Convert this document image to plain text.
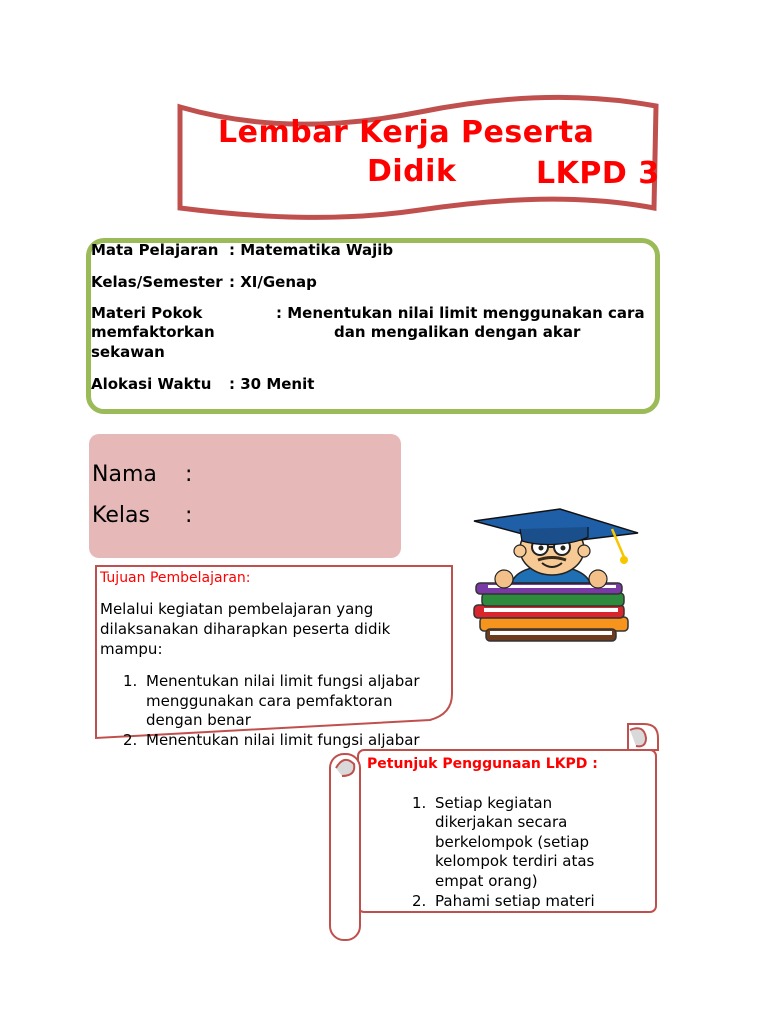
Lembar Kerja Peserta
Didik	LKPD 3
Mata Pelajaran : Matematika Wajib
Kelas/Semester : XI/Genap
Materi Pokok	: Menentukan nilai limit menggunakan cara
memfaktorkan	dan mengalikan dengan akar
sekawan
Alokasi Waktu : 30 Menit
Nama :
Kelas :
Tujuan Pembelajaran:
Melalui kegiatan pembelajaran yang
dilaksanakan diharapkan peserta didik
mampu:
1. Menentukan nilai limit fungsi aljabar
menggunakan cara pemfaktoran
dengan benar
2. Menentukan nilai limit fungsi aljabar
Petunjuk Penggunaan LKPD :
1. Setiap kegiatan
dikerjakan secara
berkelompok (setiap
kelompok terdiri atas
empat orang)
2. Pahami setiap materi
